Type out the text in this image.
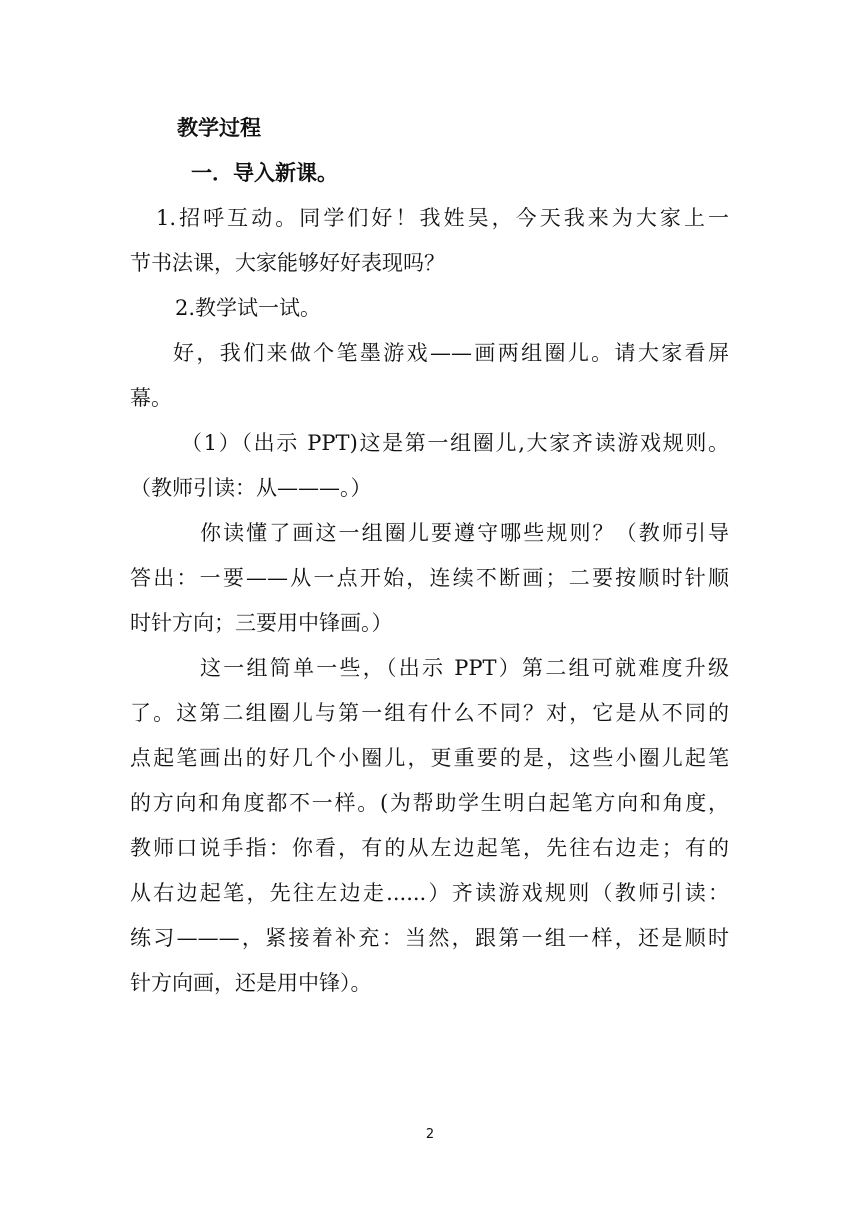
教学过程
一．导入新课。
1.招呼互动。同学们好！我姓吴，今天我来为大家上一
节书法课，大家能够好好表现吗？
2.教学试一试。
好，我们来做个笔墨游戏——画两组圈儿。请大家看屏
幕。
（1）（出示 PPT)这是第一组圈儿,大家齐读游戏规则。
（教师引读：从———。）
你读懂了画这一组圈儿要遵守哪些规则？（教师引导
答出：一要——从一点开始，连续不断画；二要按顺时针顺
时针方向；三要用中锋画。）
这一组简单一些，（出示 PPT）第二组可就难度升级
了。这第二组圈儿与第一组有什么不同？对，它是从不同的
点起笔画出的好几个小圈儿，更重要的是，这些小圈儿起笔
的方向和角度都不一样。(为帮助学生明白起笔方向和角度，
教师口说手指：你看，有的从左边起笔，先往右边走；有的
从右边起笔，先往左边走......）齐读游戏规则（教师引读：
练习———，紧接着补充：当然，跟第一组一样，还是顺时
针方向画，还是用中锋）。
2
